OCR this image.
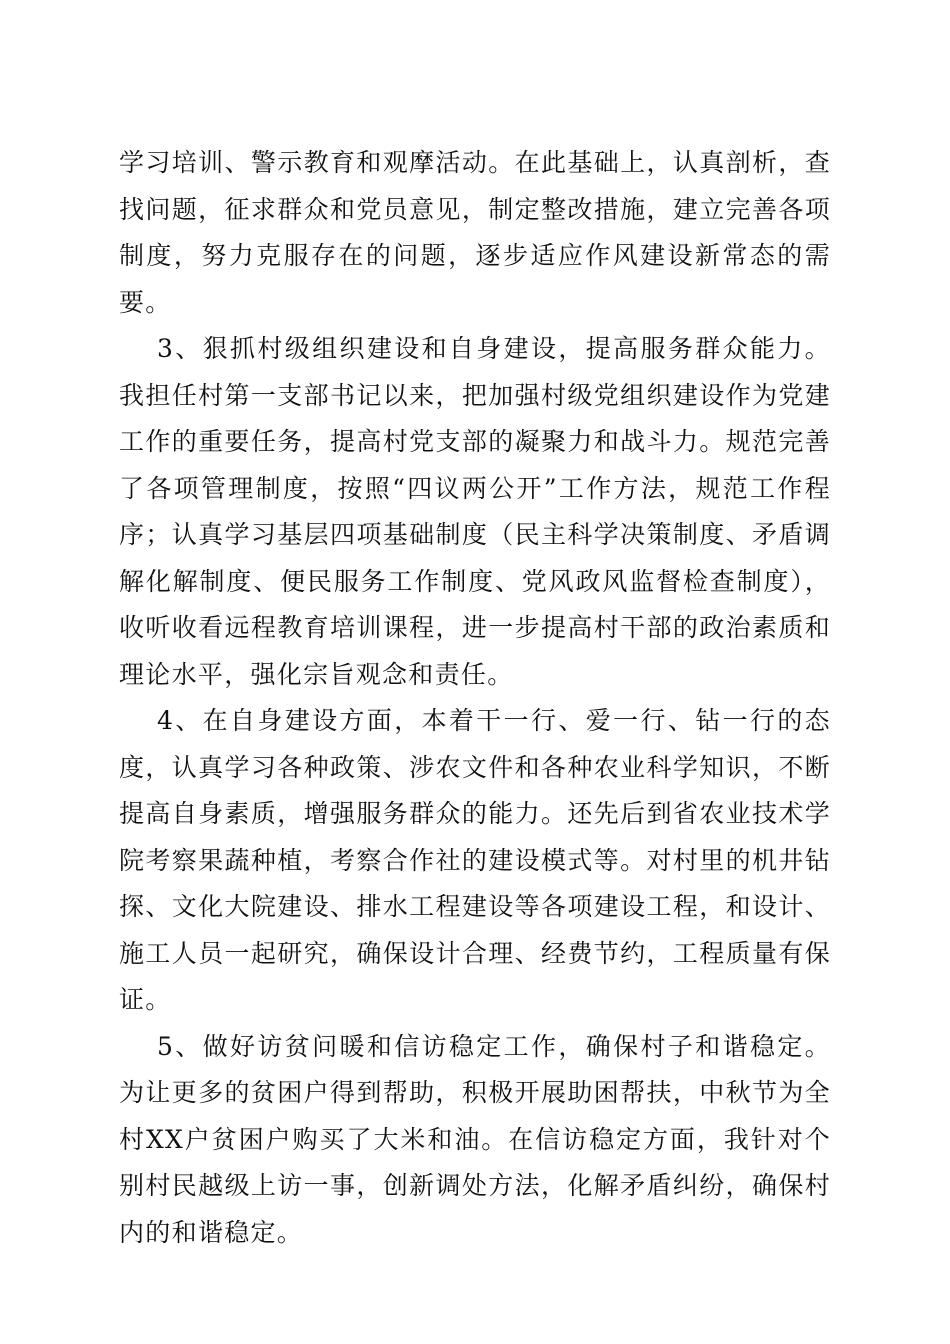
学习培训、警示教育和观摩活动。在此基础上，认真剖析，查找问题，征求群众和党员意见，制定整改措施，建立完善各项制度，努力克服存在的问题，逐步适应作风建设新常态的需要。

3、狠抓村级组织建设和自身建设，提高服务群众能力。我担任村第一支部书记以来，把加强村级党组织建设作为党建工作的重要任务，提高村党支部的凝聚力和战斗力。规范完善了各项管理制度，按照“四议两公开”工作方法，规范工作程序；认真学习基层四项基础制度（民主科学决策制度、矛盾调解化解制度、便民服务工作制度、党风政风监督检查制度），收听收看远程教育培训课程，进一步提高村干部的政治素质和理论水平，强化宗旨观念和责任。

4、在自身建设方面，本着干一行、爱一行、钻一行的态度，认真学习各种政策、涉农文件和各种农业科学知识，不断提高自身素质，增强服务群众的能力。还先后到省农业技术学院考察果蔬种植，考察合作社的建设模式等。对村里的机井钻探、文化大院建设、排水工程建设等各项建设工程，和设计、施工人员一起研究，确保设计合理、经费节约，工程质量有保证。

5、做好访贫问暖和信访稳定工作，确保村子和谐稳定。为让更多的贫困户得到帮助，积极开展助困帮扶，中秋节为全村XX户贫困户购买了大米和油。在信访稳定方面，我针对个别村民越级上访一事，创新调处方法，化解矛盾纠纷，确保村内的和谐稳定。
